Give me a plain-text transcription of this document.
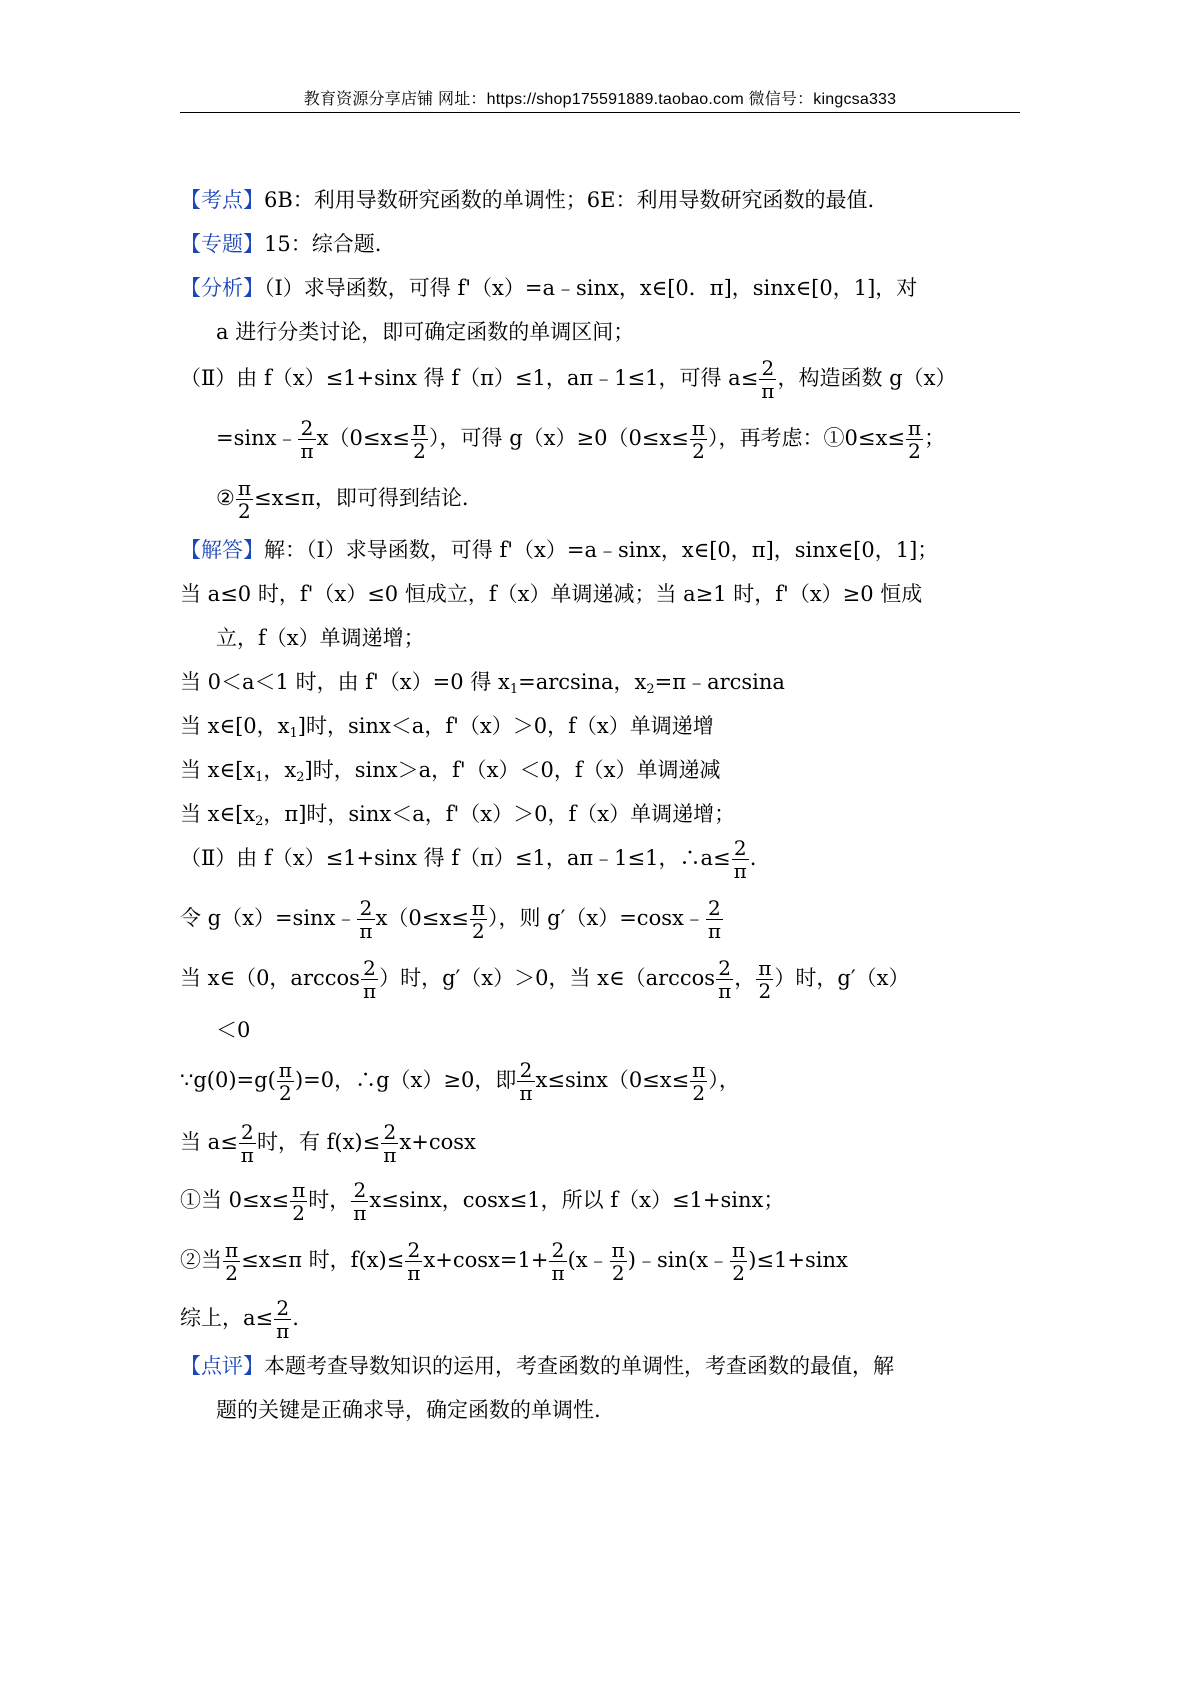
教育资源分享店铺 网址：https://shop175591889.taobao.com 微信号：kingcsa333
【考点】6B：利用导数研究函数的单调性；6E：利用导数研究函数的最值.
【专题】15：综合题.
【分析】（Ⅰ）求导函数，可得 f'（x）=a﹣sinx，x∈[0．π]，sinx∈[0，1]，对
a 进行分类讨论，即可确定函数的单调区间；
（Ⅱ）由 f（x）≤1+sinx 得 f（π）≤1，aπ﹣1≤1，可得 $a\le \frac{2}{\pi}$ ，构造函数 g（x）
=sinx﹣ $\frac{2}{\pi} x(0\le x\le \frac{\pi}{2}$ ），可得 $g(x)\ge 0(0\le x\le \frac{\pi}{2}$ ），再考虑：①0≤x≤ $\frac{\pi}{2}$ ；
② $\frac{\pi}{2} \le x\le\pi$，即可得到结论.
【解答】解：（Ⅰ）求导函数，可得 f'（x）=a﹣sinx，x∈[0，π]，sinx∈[0，1]；
当 a≤0 时，f'（x）≤0 恒成立，f（x）单调递减；当 a≥1 时，f'（x）≥0 恒成
立，f（x）单调递增；
当 0＜a＜1 时，由 f'（x）=0 得 $x_1=\arcsin a$，$x_2=\pi﹣\arcsin a$
当 x∈[0，$x_1$]时，sinx＜a，f'（x）＞0，f（x）单调递增
当 $x\in[x_1$，$x_2$]时，sinx＞a，f'（x）＜0，f（x）单调递减
当 $x\in[x_2$，π]时，sinx＜a，f'（x）＞0，f（x）单调递增；
（Ⅱ）由 f（x）≤1+sinx 得 f（π）≤1，aπ﹣1≤1，∴a≤ $\frac{2}{\pi}$ .
令 g（x）=sinx﹣ $\frac{2}{\pi} x(0\le x\le \frac{\pi}{2}$ ），则 g′（x）=cosx﹣ $\frac{2}{\pi}$
当 x∈（0，$\arccos \frac{2}{\pi}$ ）时，g′（x）＞0，当 x∈（arccos $\frac{2}{\pi}$ ， $\frac{\pi}{2}$ ）时，g′（x）
＜0
∵g(0)=g( $\frac{\pi}{2} )=0$，∴g（x）≥0，即 $\frac{2}{\pi} x\le\sin x(0\le x\le \frac{\pi}{2}$ ），
当 $a\le \frac{2}{\pi}$ 时，有 $f(x)\le \frac{2}{\pi} x+\cos x$
①当 $0\le x\le \frac{\pi}{2}$ 时， $\frac{2}{\pi} x\le\sin x$，cosx≤1，所以 f（x）≤1+sinx；
②当 $\frac{\pi}{2} \le x\le\pi$ 时，$f(x)\le \frac{2}{\pi} x+\cos x=1+ \frac{2}{\pi}$ (x﹣ $\frac{\pi}{2}$ )﹣sin(x﹣ $\frac{\pi}{2} )\le 1+\sin x$
综上，$a\le \frac{2}{\pi}$ .
【点评】本题考查导数知识的运用，考查函数的单调性，考查函数的最值，解
题的关键是正确求导，确定函数的单调性.
